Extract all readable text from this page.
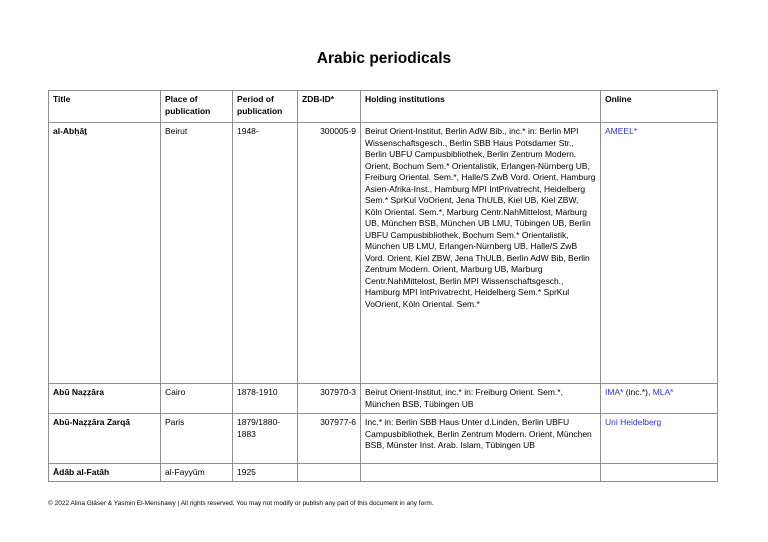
Arabic periodicals
Title	Place of publication	Period of publication	ZDB-ID*	Holding institutions	Online
al-Abḥāṯ	Beirut	1948-	300005-9	Beirut Orient-Institut, Berlin AdW Bib., inc.* in: Berlin MPI Wissenschaftsgesch., Berlin SBB Haus Potsdamer Str., Berlin UBFU Campusbibliothek, Berlin Zentrum Modern. Orient, Bochum Sem.* Orientalistik, Erlangen-Nürnberg UB, Freiburg Oriental. Sem.*, Halle/S ZwB Vord. Orient, Hamburg Asien-Afrika-Inst., Hamburg MPI IntPrivatrecht, Heidelberg Sem.* SprKul VoOrient, Jena ThULB, Kiel UB, Kiel ZBW, Köln Oriental. Sem.*, Marburg Centr.NahMittelost, Marburg UB, München BSB, München UB LMU, Tübingen UB, Berlin UBFU Campusbibliothek, Bochum Sem.* Orientalistik, München UB LMU, Erlangen-Nürnberg UB, Halle/S ZwB Vord. Orient, Kiel ZBW, Jena ThULB, Berlin AdW Bib, Berlin Zentrum Modern. Orient, Marburg UB, Marburg Centr.NahMittelost, Berlin MPI Wissenschaftsgesch., Hamburg MPI IntPrivatrecht, Heidelberg Sem.* SprKul VoOrient, Köln Oriental. Sem.*	AMEEL*
Abū Naẓẓāra	Cairo	1878-1910	307970-3	Beirut Orient-Institut, inc.* in: Freiburg Orient. Sem.*, München BSB, Tübingen UB	IMA* (inc.*), MLA*
Abū-Naẓẓāra Zarqā	Paris	1879/1880-1883	307977-6	Inc.* in: Berlin SBB Haus Unter d.Linden, Berlin UBFU Campusbibliothek, Berlin Zentrum Modern. Orient, München BSB, Münster Inst. Arab. Islam, Tübingen UB	Uni Heidelberg
Ādāb al-Fatāh	al-Fayyūm	1925			
© 2022 Alina Gläser & Yasmin El-Menshawy | All rights reserved. You may not modify or publish any part of this document in any form.
